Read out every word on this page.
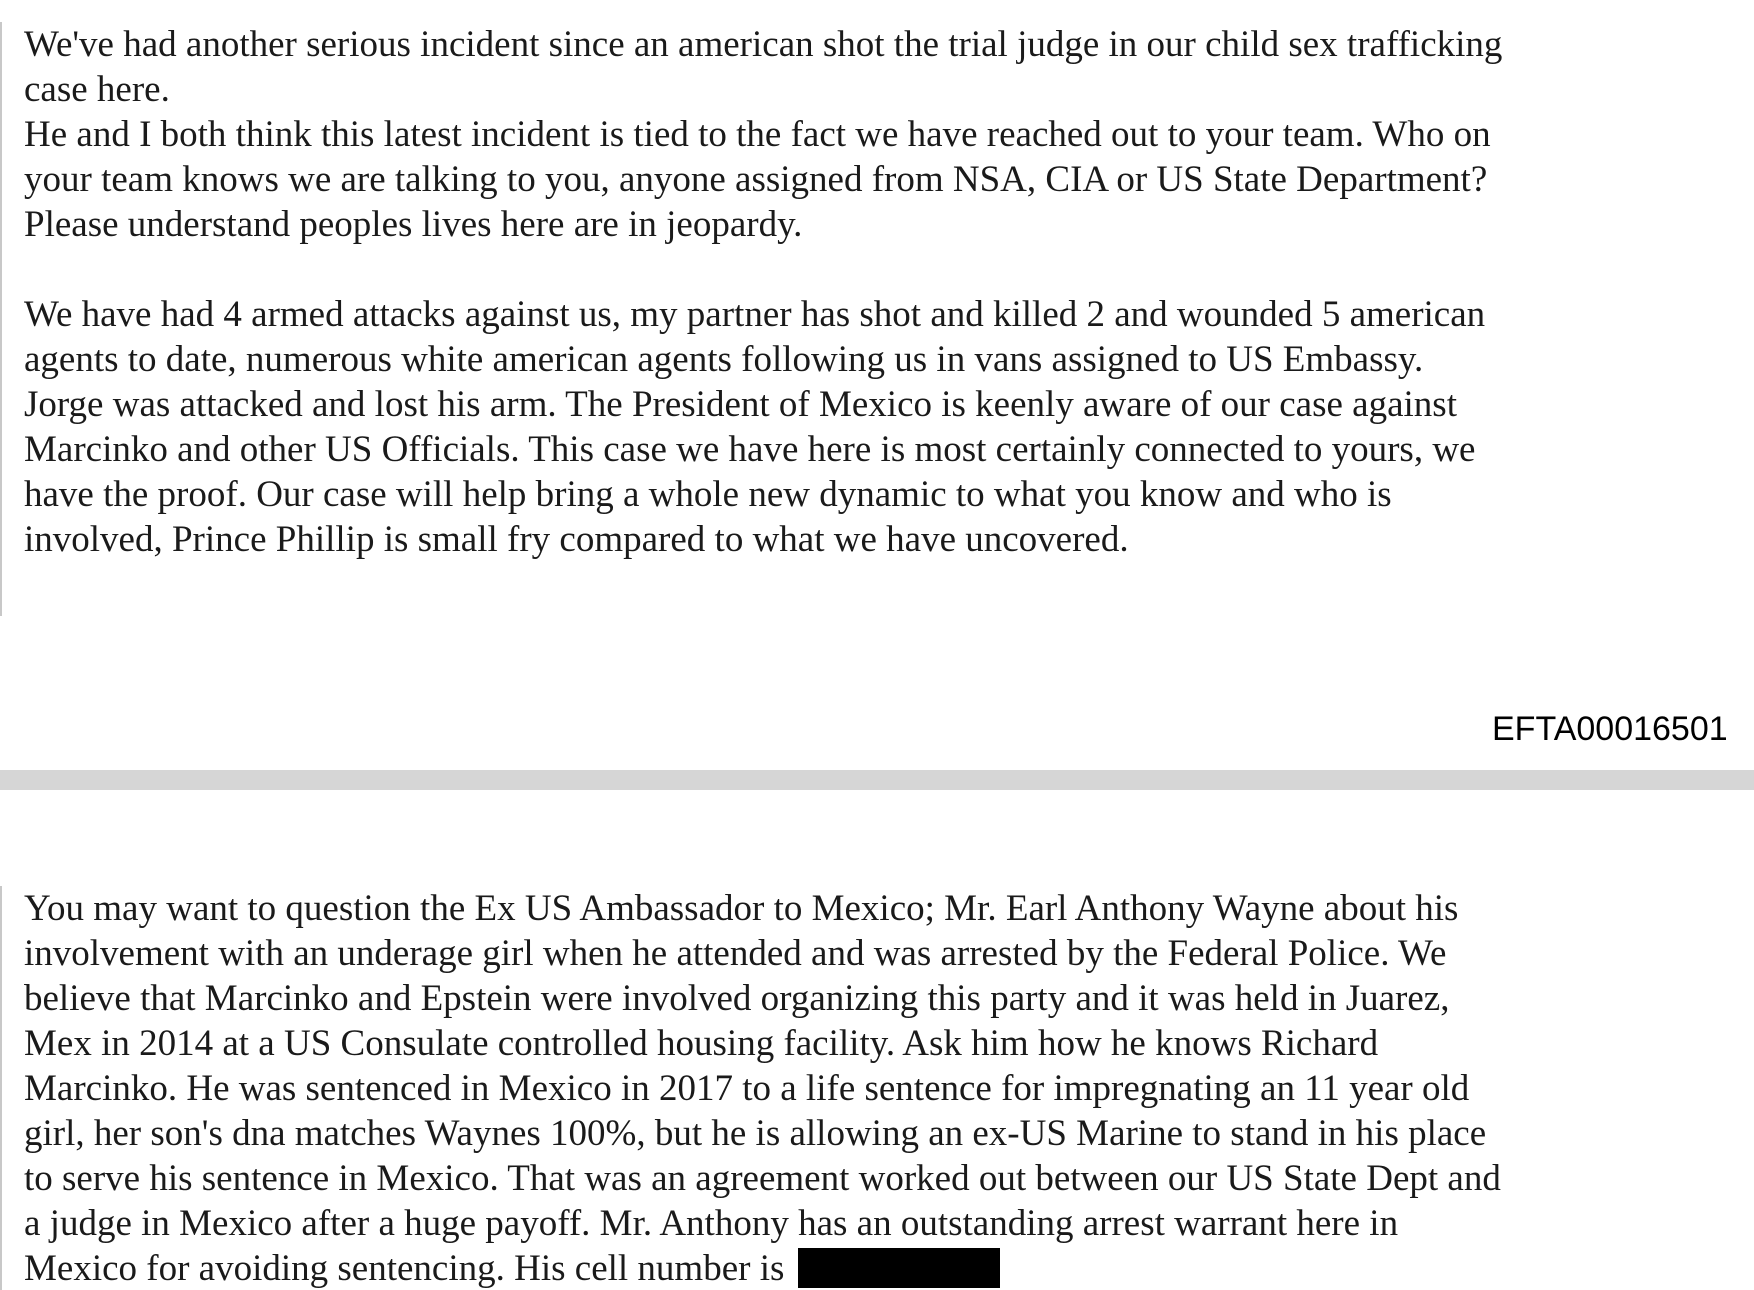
We've had another serious incident since an american shot the trial judge in our child sex trafficking

case here.

He and I both think this latest incident is tied to the fact we have reached out to your team. Who on

your team knows we are talking to you, anyone assigned from NSA, CIA or US State Department?

Please understand peoples lives here are in jeopardy.

We have had 4 armed attacks against us, my partner has shot and killed 2 and wounded 5 american

agents to date, numerous white american agents following us in vans assigned to US Embassy.

Jorge was attacked and lost his arm. The President of Mexico is keenly aware of our case against

Marcinko and other US Officials. This case we have here is most certainly connected to yours, we

have the proof. Our case will help bring a whole new dynamic to what you know and who is

involved, Prince Phillip is small fry compared to what we have uncovered.

EFTA00016501

You may want to question the Ex US Ambassador to Mexico; Mr. Earl Anthony Wayne about his

involvement with an underage girl when he attended and was arrested by the Federal Police. We

believe that Marcinko and Epstein were involved organizing this party and it was held in Juarez,

Mex in 2014 at a US Consulate controlled housing facility. Ask him how he knows Richard

Marcinko. He was sentenced in Mexico in 2017 to a life sentence for impregnating an 11 year old

girl, her son's dna matches Waynes 100%, but he is allowing an ex-US Marine to stand in his place

to serve his sentence in Mexico. That was an agreement worked out between our US State Dept and

a judge in Mexico after a huge payoff. Mr. Anthony has an outstanding arrest warrant here in

Mexico for avoiding sentencing. His cell number is
